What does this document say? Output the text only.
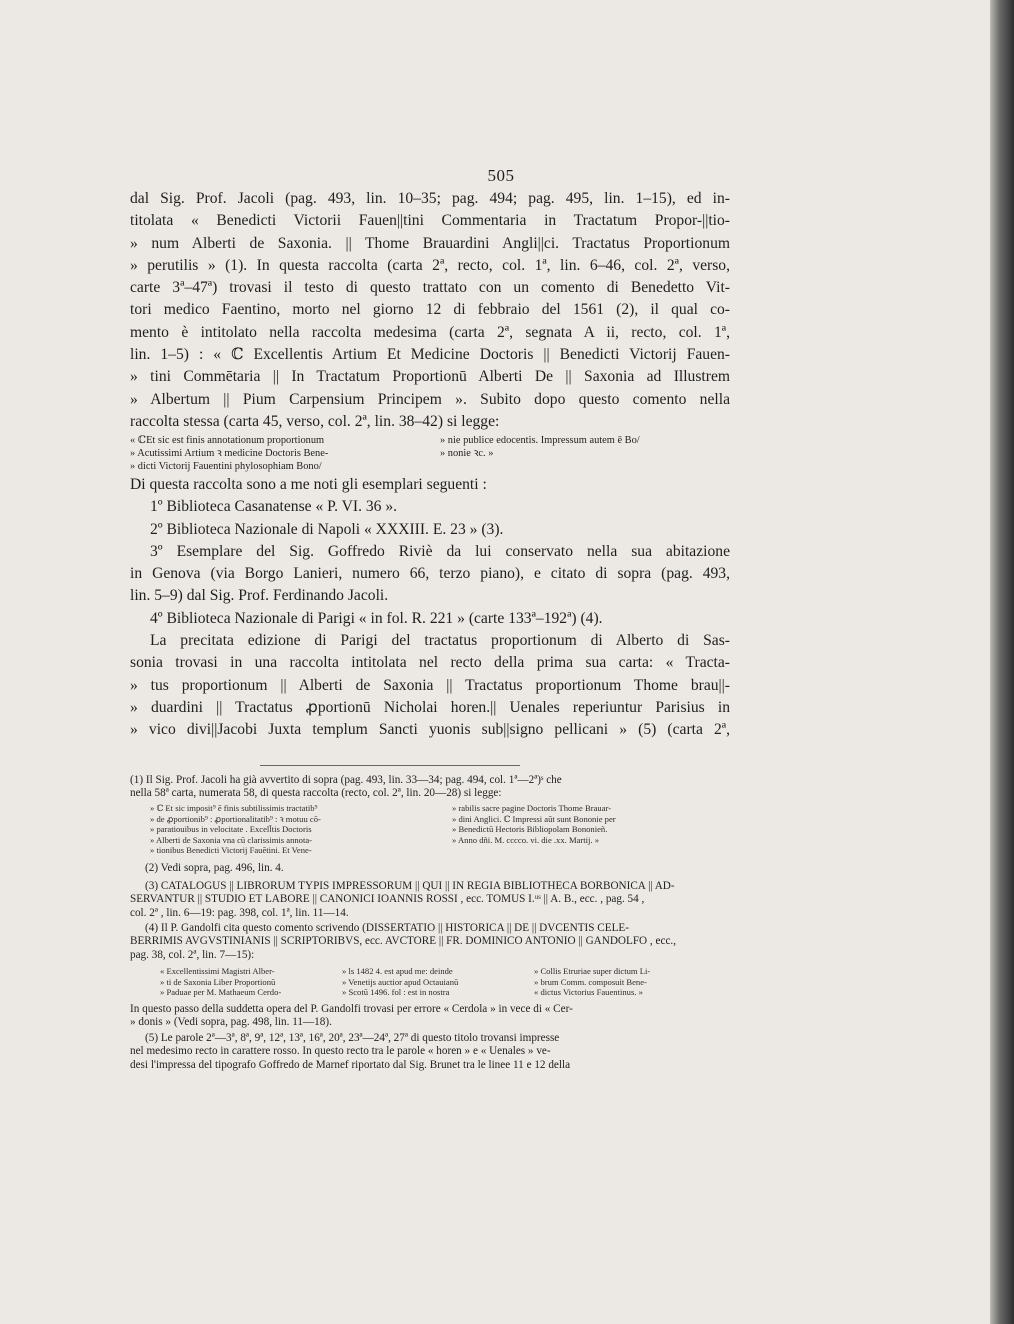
505
dal Sig. Prof. Jacoli (pag. 493, lin. 10–35; pag. 494; pag. 495, lin. 1–15), ed in-
titolata « Benedicti Victorii Fauen||tini Commentaria in Tractatum Propor-||tio-
» num Alberti de Saxonia. || Thome Brauardini Angli||ci. Tractatus Proportionum
» perutilis » (1). In questa raccolta (carta 2ª, recto, col. 1ª, lin. 6–46, col. 2ª, verso,
carte 3ª–47ª) trovasi il testo di questo trattato con un comento di Benedetto Vit-
tori medico Faentino, morto nel giorno 12 di febbraio del 1561 (2), il qual co-
mento è intitolato nella raccolta medesima (carta 2ª, segnata A ii, recto, col. 1ª,
lin. 1–5) : « ℂ Excellentis Artium Et Medicine Doctoris || Benedicti Victorij Fauen-
» tini Commētaria || In Tractatum Proportionū Alberti De || Saxonia ad Illustrem
» Albertum || Pium Carpensium Principem ». Subito dopo questo comento nella
raccolta stessa (carta 45, verso, col. 2ª, lin. 38–42) si legge:
« ℂEt sic est finis annotationum proportionum
» Acutissimi Artium ꝛ medicine Doctoris Bene-
» dicti Victorij Fauentini phylosophiam Bono/
» nie publice edocentis. Impressum autem ē Bo/
» nonie ꝛc. »
Di questa raccolta sono a me noti gli esemplari seguenti :
1º Biblioteca Casanatense « P. VI. 36 ».
2º Biblioteca Nazionale di Napoli « XXXIII. E. 23 » (3).
3º Esemplare del Sig. Goffredo Riviè da lui conservato nella sua abitazione
in Genova (via Borgo Lanieri, numero 66, terzo piano), e citato di sopra (pag. 493,
lin. 5–9) dal Sig. Prof. Ferdinando Jacoli.
4º Biblioteca Nazionale di Parigi « in fol. R. 221 » (carte 133ª–192ª) (4).
La precitata edizione di Parigi del tractatus proportionum di Alberto di Sas-
sonia trovasi in una raccolta intitolata nel recto della prima sua carta: « Tracta-
» tus proportionum || Alberti de Saxonia || Tractatus proportionum Thome brau||-
» duardini || Tractatus ꝓportionū Nicholai horen.|| Uenales reperiuntur Parisius in
» vico divi||Jacobi Juxta templum Sancti yuonis sub||signo pellicani » (5) (carta 2ª,
(1) Il Sig. Prof. Jacoli ha già avvertito di sopra (pag. 493, lin. 33—34; pag. 494, col. 1ª—2ª)ˢ che
nella 58ª carta, numerata 58, di questa raccolta (recto, col. 2ª, lin. 20—28) si legge:
» ℂ Et sic imposit⁹ ē finis subtilissimis tractatib⁹
» de ꝓportionib⁹ : ꝓportionalitatib⁹ : ꝛ motuu cō-
» paratiouibus in velocitate . Excell̄tis Doctoris
» Alberti de Saxonia vna cū clarissimis annota-
» tionibus Benedicti Victorij Fauētini. Et Vene-
» rabilis sacre pagine Doctoris Thome Brauar-
» dini Anglici. ℂ Impressi aūt sunt Bononie per
» Benedictū Hectoris Bibliopolam Bononieñ.
» Anno dñi. M. cccco. vi. die .xx. Martij. »
(2) Vedi sopra, pag. 496, lin. 4.
(3) CATALOGUS || LIBRORUM TYPIS IMPRESSORUM || QUI || IN REGIA BIBLIOTHECA BORBONICA || AD-
SERVANTUR || STUDIO ET LABORE || CANONICI IOANNIS ROSSI , ecc. TOMUS I.ᵘˢ || A. B., ecc. , pag. 54 ,
col. 2ª , lin. 6—19: pag. 398, col. 1ª, lin. 11—14.
(4) Il P. Gandolfi cita questo comento scrivendo (DISSERTATIO || HISTORICA || DE || DVCENTIS CELE-
BERRIMIS AVGVSTINIANIS || SCRIPTORIBVS, ecc. AVCTORE || FR. DOMINICO ANTONIO || GANDOLFO , ecc.,
pag. 38, col. 2ª, lin. 7—15):
« Excellentissimi Magistri Alber-
» ti de Saxonia Liber Proportionū
» Paduae per M. Mathaeum Cerdo-
» ls 1482 4. est apud me: deinde
» Venetijs auctior apud Octauianū
» Scotū 1496. fol : est in nostra
» Collis Etruriae super dictum Li-
» brum Comm. composuit Bene-
« dictus Victorius Fauentinus. »
In questo passo della suddetta opera del P. Gandolfi trovasi per errore « Cerdola » in vece di « Cer-
» donis » (Vedi sopra, pag. 498, lin. 11—18).
(5) Le parole 2ª—3ª, 8ª, 9ª, 12ª, 13ª, 16ª, 20ª, 23ª—24ª, 27ª di questo titolo trovansi impresse
nel medesimo recto in carattere rosso. In questo recto tra le parole « horen » e « Uenales » ve-
desi l'impressa del tipografo Goffredo de Marnef riportato dal Sig. Brunet tra le linee 11 e 12 della
